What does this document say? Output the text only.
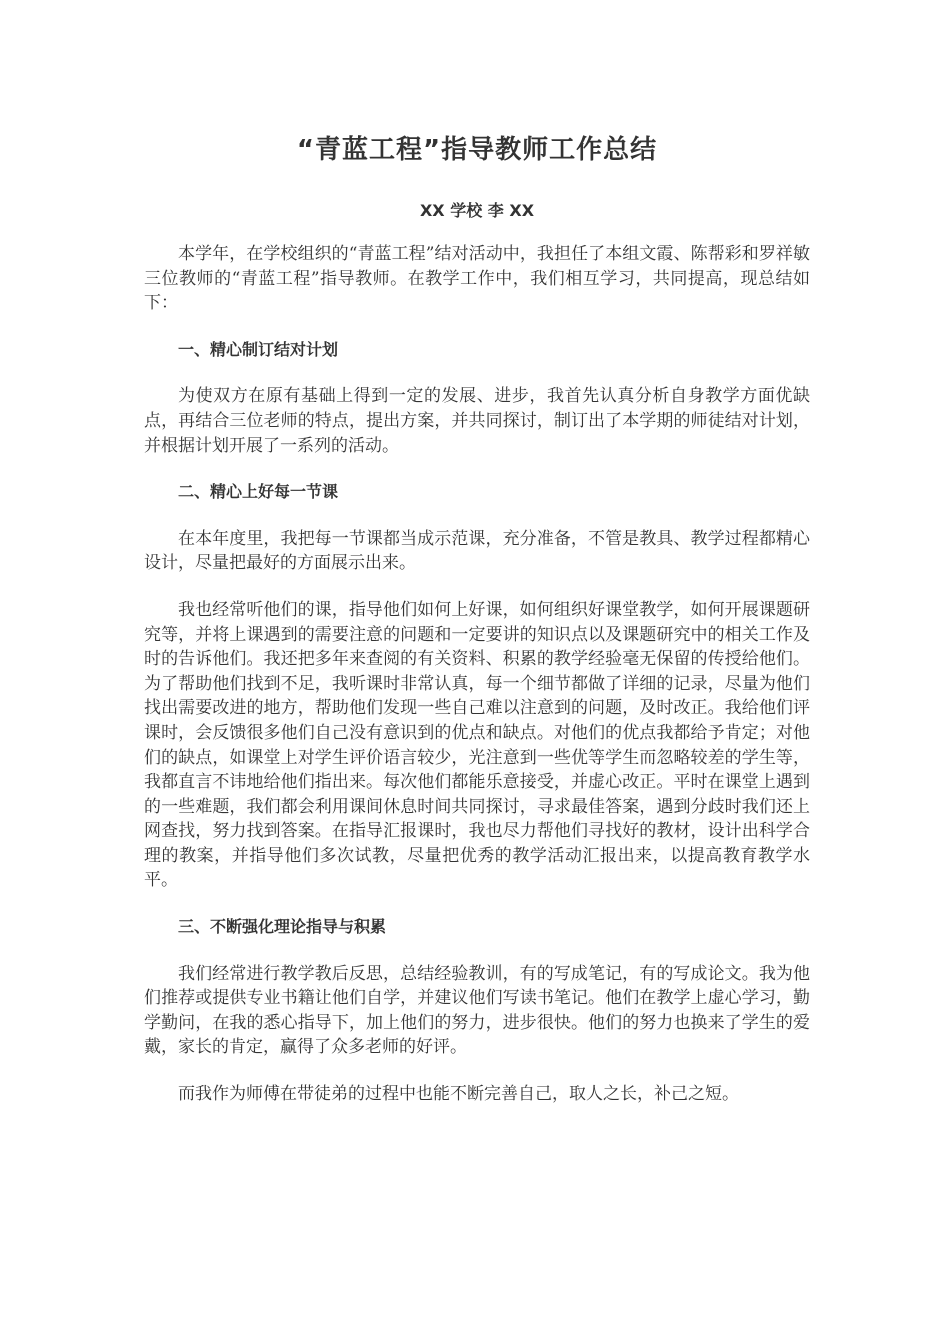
“青蓝工程”指导教师工作总结
XX 学校 李 XX

本学年，在学校组织的“青蓝工程”结对活动中，我担任了本组文霞、陈帮彩和罗祥敏三位教师的“青蓝工程”指导教师。在教学工作中，我们相互学习，共同提高，现总结如下：

一、精心制订结对计划

为使双方在原有基础上得到一定的发展、进步，我首先认真分析自身教学方面优缺点，再结合三位老师的特点，提出方案，并共同探讨，制订出了本学期的师徒结对计划，并根据计划开展了一系列的活动。

二、精心上好每一节课

在本年度里，我把每一节课都当成示范课，充分准备，不管是教具、教学过程都精心设计，尽量把最好的方面展示出来。

我也经常听他们的课，指导他们如何上好课，如何组织好课堂教学，如何开展课题研究等，并将上课遇到的需要注意的问题和一定要讲的知识点以及课题研究中的相关工作及时的告诉他们。我还把多年来查阅的有关资料、积累的教学经验毫无保留的传授给他们。为了帮助他们找到不足，我听课时非常认真，每一个细节都做了详细的记录，尽量为他们找出需要改进的地方，帮助他们发现一些自己难以注意到的问题，及时改正。我给他们评课时，会反馈很多他们自己没有意识到的优点和缺点。对他们的优点我都给予肯定；对他们的缺点，如课堂上对学生评价语言较少，光注意到一些优等学生而忽略较差的学生等，我都直言不讳地给他们指出来。每次他们都能乐意接受，并虚心改正。平时在课堂上遇到的一些难题，我们都会利用课间休息时间共同探讨，寻求最佳答案，遇到分歧时我们还上网查找，努力找到答案。在指导汇报课时，我也尽力帮他们寻找好的教材，设计出科学合理的教案，并指导他们多次试教，尽量把优秀的教学活动汇报出来，以提高教育教学水平。

三、不断强化理论指导与积累

我们经常进行教学教后反思，总结经验教训，有的写成笔记，有的写成论文。我为他们推荐或提供专业书籍让他们自学，并建议他们写读书笔记。他们在教学上虚心学习，勤学勤问，在我的悉心指导下，加上他们的努力，进步很快。他们的努力也换来了学生的爱戴，家长的肯定，赢得了众多老师的好评。

而我作为师傅在带徒弟的过程中也能不断完善自己，取人之长，补己之短。
